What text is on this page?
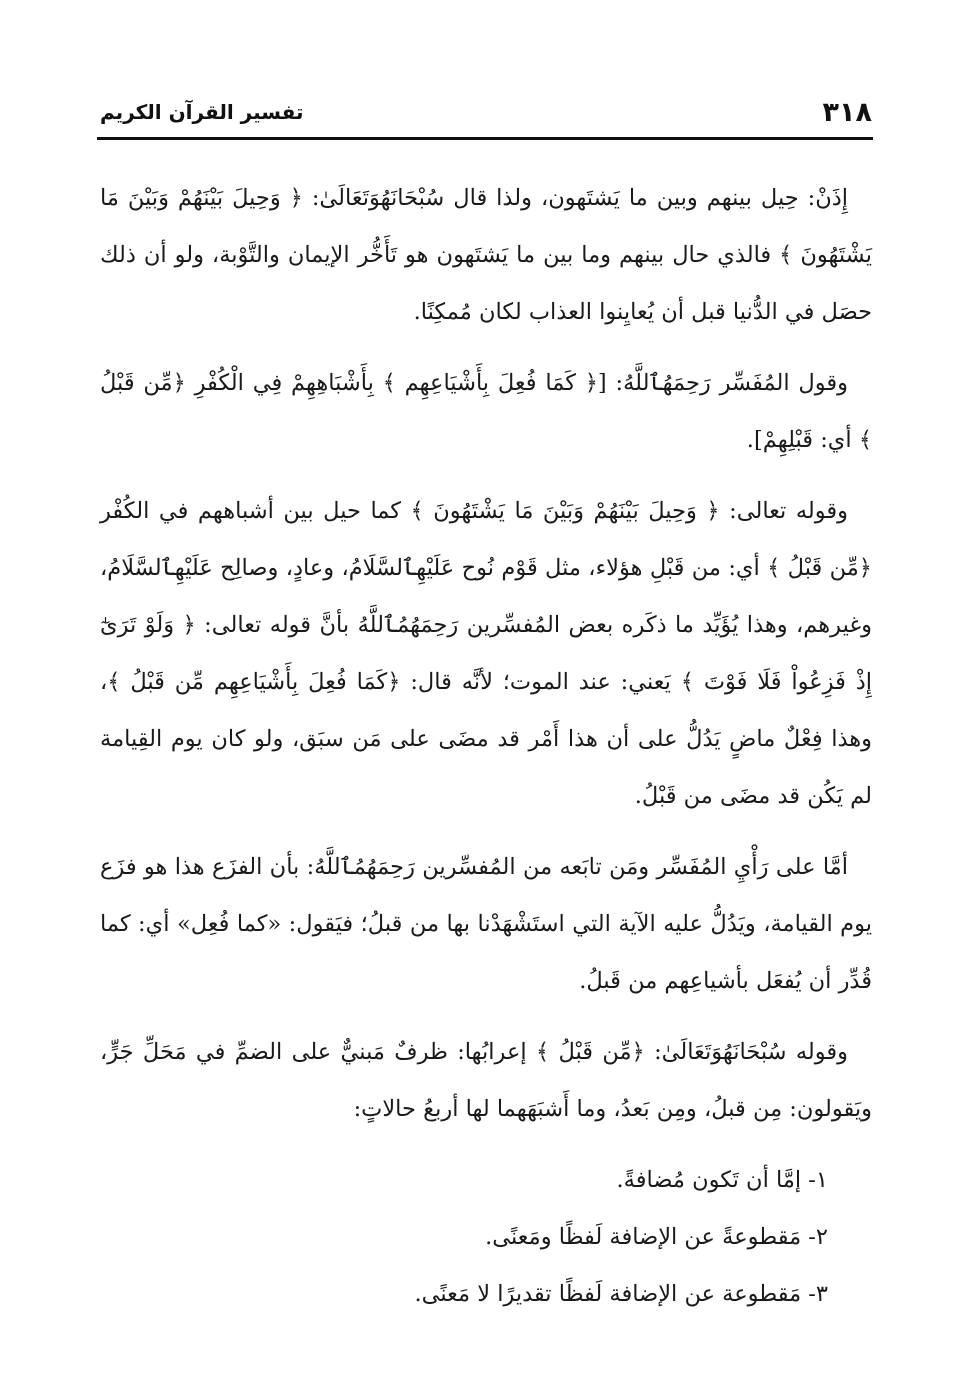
٣١٨
تفسير القرآن الكريم

إِذَنْ: حِيل بينهم وبين ما يَشتَهون، ولذا قال سُبْحَانَهُوَتَعَالَىٰ: ﴿ وَحِيلَ بَيْنَهُمْ وَبَيْنَ مَا يَشْتَهُونَ ﴾ فالذي حال بينهم وما بين ما يَشتَهون هو تَأَخُّر الإيمان والتَّوْبة، ولو أن ذلك حصَل في الدُّنيا قبل أن يُعايِنوا العذاب لكان مُمكِنًا.

وقول المُفَسِّر رَحِمَهُٱللَّهُ: [﴿ كَمَا فُعِلَ بِأَشْيَاعِهِم ﴾ بِأَشْبَاهِهِمْ فِي الْكُفْرِ ﴿مِّن قَبْلُ ﴾ أي: قَبْلِهِمْ].

وقوله تعالى: ﴿ وَحِيلَ بَيْنَهُمْ وَبَيْنَ مَا يَشْتَهُونَ ﴾ كما حيل بين أشباههم في الكُفْر ﴿مِّن قَبْلُ ﴾ أي: من قَبْلِ هؤلاء، مثل قَوْم نُوح عَلَيْهِٱلسَّلَامُ، وعادٍ، وصالِح عَلَيْهِٱلسَّلَامُ، وغيرهم، وهذا يُؤَيِّد ما ذكَره بعض المُفسِّرين رَحِمَهُمُٱللَّهُ بأنَّ قوله تعالى: ﴿ وَلَوْ تَرَىٰٓ إِذْ فَزِعُواْ فَلَا فَوْتَ ﴾ يَعني: عند الموت؛ لأنَّه قال: ﴿كَمَا فُعِلَ بِأَشْيَاعِهِم مِّن قَبْلُ ﴾، وهذا فِعْلٌ ماضٍ يَدُلُّ على أن هذا أَمْر قد مضَى على مَن سبَق، ولو كان يوم القِيامة لم يَكُن قد مضَى من قَبْلُ.

أمَّا على رَأْيِ المُفَسِّر ومَن تابَعه من المُفسِّرين رَحِمَهُمُٱللَّهُ: بأن الفزَع هذا هو فزَع يوم القيامة، ويَدُلُّ عليه الآية التي استَشْهَدْنا بها من قبلُ؛ فيَقول: «كما فُعِل» أي: كما قُدِّر أن يُفعَل بأشياعِهم من قَبلُ.

وقوله سُبْحَانَهُوَتَعَالَىٰ: ﴿مِّن قَبْلُ ﴾ إعرابُها: ظرفٌ مَبنيٌّ على الضمِّ في مَحَلِّ جَرٍّ، ويَقولون: مِن قبلُ، ومِن بَعدُ، وما أَشبَهَهما لها أربعُ حالاتٍ:

١- إمَّا أن تَكون مُضافةً.

٢- مَقطوعةً عن الإضافة لَفظًا ومَعنًى.

٣- مَقطوعة عن الإضافة لَفظًا تقديرًا لا مَعنًى.
